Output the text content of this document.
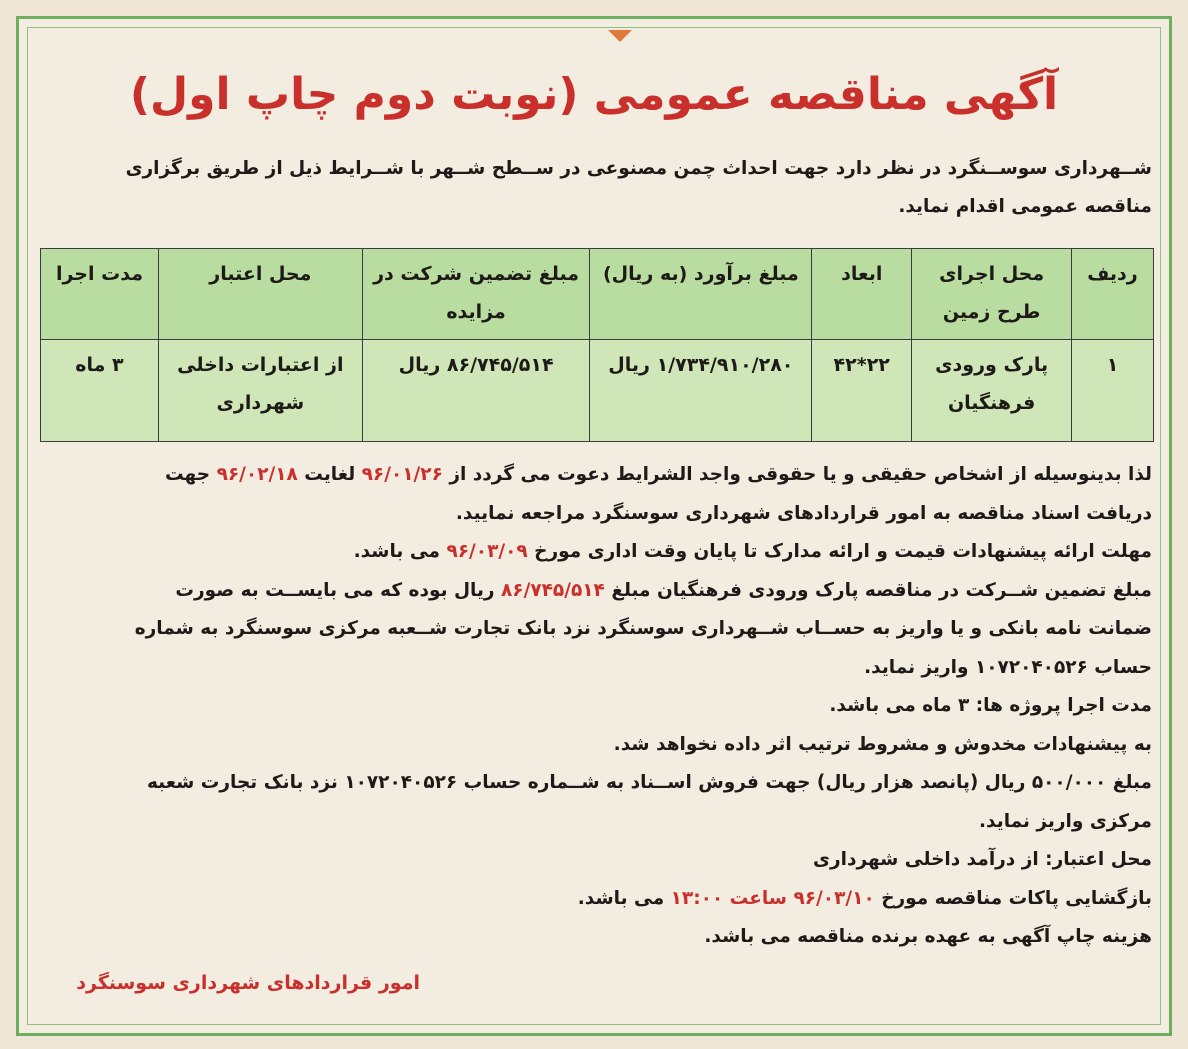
آگهی مناقصه عمومی (نوبت دوم چاپ اول)
شــهرداری سوســنگرد در نظر دارد جهت احداث چمن مصنوعی در ســطح شــهر با شــرایط ذیل از طریق برگزاری
مناقصه عمومی اقدام نماید.
ردیف	محل اجرای طرح زمین	ابعاد	مبلغ برآورد (به ریال)	مبلغ تضمین شرکت در مزایده	محل اعتبار	مدت اجرا
۱	پارک ورودی فرهنگیان	۲۲*۴۲	۱/۷۳۴/۹۱۰/۲۸۰ ریال	۸۶/۷۴۵/۵۱۴ ریال	از اعتبارات داخلی شهرداری	۳ ماه
لذا بدینوسیله از اشخاص حقیقی و یا حقوقی واجد الشرایط دعوت می گردد از ۹۶/۰۱/۲۶ لغایت ۹۶/۰۲/۱۸ جهت
دریافت اسناد مناقصه به امور قراردادهای شهرداری سوسنگرد مراجعه نمایید.
مهلت ارائه پیشنهادات قیمت و ارائه مدارک تا پایان وقت اداری مورخ ۹۶/۰۳/۰۹ می باشد.
مبلغ تضمین شــرکت در مناقصه پارک ورودی فرهنگیان مبلغ ۸۶/۷۴۵/۵۱۴ ریال بوده که می بایســت به صورت
ضمانت نامه بانکی و یا واریز به حســاب شــهرداری سوسنگرد نزد بانک تجارت شــعبه مرکزی سوسنگرد به شماره
حساب ۱۰۷۲۰۴۰۵۲۶ واریز نماید.
مدت اجرا پروژه ها: ۳ ماه می باشد.
به پیشنهادات مخدوش و مشروط ترتیب اثر داده نخواهد شد.
مبلغ ۵۰۰/۰۰۰ ریال (پانصد هزار ریال) جهت فروش اســناد به شــماره حساب ۱۰۷۲۰۴۰۵۲۶ نزد بانک تجارت شعبه
مرکزی واریز نماید.
محل اعتبار: از درآمد داخلی شهرداری
بازگشایی پاکات مناقصه مورخ ۹۶/۰۳/۱۰ ساعت ۱۳:۰۰ می باشد.
هزینه چاپ آگهی به عهده برنده مناقصه می باشد.
امور قراردادهای شهرداری سوسنگرد
